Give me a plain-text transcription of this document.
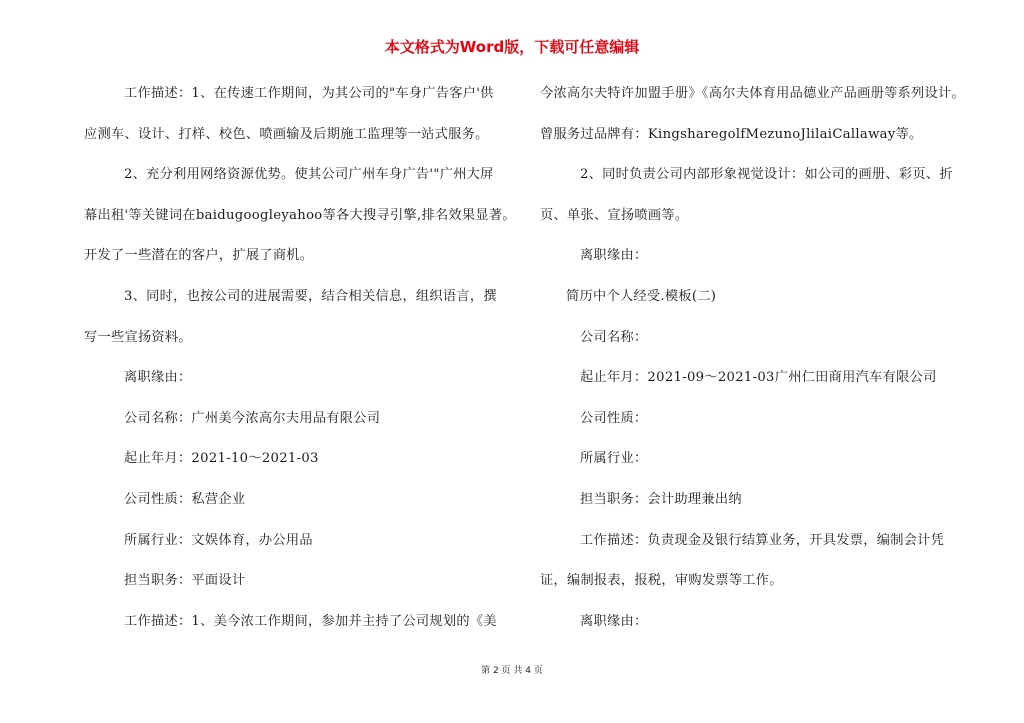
本文格式为Word版，下载可任意编辑
工作描述：1、在传速工作期间，为其公司的"车身广告客户'供
应测车、设计、打样、校色、喷画输及后期施工监理等一站式服务。
2、充分利用网络资源优势。使其公司广州车身广告'"广州大屏
幕出租'等关键词在baidugoogleyahoo等各大搜寻引擎,排名效果显著。
开发了一些潜在的客户，扩展了商机。
3、同时，也按公司的进展需要，结合相关信息，组织语言，撰
写一些宣扬资料。
离职缘由：
公司名称：广州美今浓高尔夫用品有限公司
起止年月：2021-10～2021-03
公司性质：私营企业
所属行业：文娱体育，办公用品
担当职务：平面设计
工作描述：1、美今浓工作期间，参加并主持了公司规划的《美
今浓高尔夫特许加盟手册》《高尔夫体育用品德业产品画册等系列设计。
曾服务过品牌有：KingsharegolfMezunoJlilaiCallaway等。
2、同时负责公司内部形象视觉设计：如公司的画册、彩页、折
页、单张、宣扬喷画等。
离职缘由：
简历中个人经受.模板(二)
公司名称：
起止年月：2021-09～2021-03广州仁田商用汽车有限公司
公司性质：
所属行业：
担当职务：会计助理兼出纳
工作描述：负责现金及银行结算业务，开具发票，编制会计凭
证，编制报表，报税，审购发票等工作。
离职缘由：
第 2 页 共 4 页
